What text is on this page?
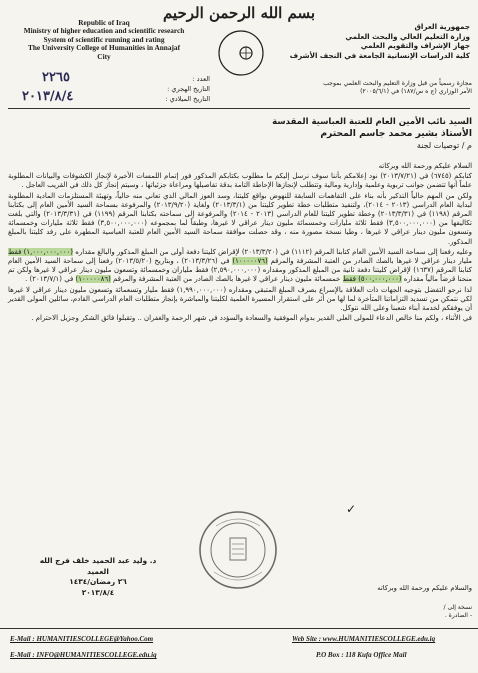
بسم الله الرحمن الرحيم
Republic of Iraq
Ministry of higher education and scientific research
System of scientific running and rating
The University College of Humanities in Annajaf
City
جمهورية العراق
وزارة التعليم العالي والبحث العلمي
جهاز الإشراف والتقويم العلمي
كلية الدراسات الإنسانية الجامعة في النجف الأشرف
مجازة رسمياً من قبل وزارة التعليم والبحث العلمي بموجب
الأمر الوزاري (ج ه س/١٨٧) في (٢٠٠٥/٦/١)
العدد :
التاريخ الهجري :
التاريخ الميلادي :
٢٢٦٥
٢٠١٣/٨/٤
السيد نائب الأمين العام للعتبة العباسية المقدسة
الأستاذ بشير محمد جاسم المحترم
م / توصيات لجنة

السلام عليكم ورحمة الله وبركاته

كتابكم (٦٧٤٥) في (٢٠١٣/٧/٢١) نود إعلامكم بأننا سوف نرسل إليكم ما مطلوب بكتابكم المذكور فور إتمام اللمسات الأخيرة لإنجاز الكشوفات والبيانات المطلوبة علماً أنها تتضمن جوانب تربوية وعلمية وإدارية ومالية وتتطلب لإنجازها الإحاطة التامة بدقة تفاصيلها ومراعاة جزئياتها ، وسيتم إنجاز كل ذلك في القريب العاجل .

ولكن من المهم حالياً التذكير بأنه بناء على التفاهمات السابقة للنهوض بواقع كليتنا، وسد العوز المالي الذي تعاني منه حالياً، وتهيئة المستلزمات المادية المطلوبة لبداية العام الدراسي (٢٠١٣ - ٢٠١٤)، ولتنفيذ متطلبات خطة تطوير كليتنا من (٢٠١٣/٣/١) ولغاية (٢٠١٣/٩/٢٠) والمرفوعة بسماحة السيد الأمين العام إلى بكتابنا المرقم (١١٩٨) في (٢٠١٣/٣/٣١) وخطة تطوير كليتنا للعام الدراسي (٢٠١٣ - ٢٠١٤) والمرفوعة إلى سماحته بكتابنا المرقم (١١٩٩) في (٢٠١٣/٣/٣١) والتي بلغت تكاليفها من (٣,٥٠٠,٠٠٠,٠٠٠) فقط ثلاثة مليارات وخمسمائة مليون دينار عراقي لا غيرها، وطبقاً لما بمجموعه (٣,٥٠٠,٠٠٠,٠٠٠) فقط ثلاثة مليارات وخمسمائة وتسعون مليون دينار عراقي لا غيرها ، وطيا نسخة مصورة منه ، وقد حصلت موافقة سماحة السيد الأمين العام للعتبة العباسية المطهرة على رفد كليتنا بالمبلغ المذكور.

وعليه رفعنا إلى سماحة السيد الأمين العام كتابنا المرقم (١١١٢) في (٢٠١٣/٣/٢٠) لإقراض كليتنا دفعة أولى من المبلغ المذكور والبالغ مقداره (١,٠٠٠,٠٠٠,٠٠٠) فقط مليار دينار عراقي لا غيرها بالصك الصادر من العتبة المشرفة والمرقم (١٠٠٠٠٠٧٦) في (٢٠١٣/٣/٢٦) ، وبتاريخ (٢٠١٣/٥/٢٠) رفعنا إلى سماحة السيد الأمين العام كتابنا المرقم (١٦٣٧) لإقراض كليتنا دفعة ثانية من المبلغ المذكور ومقداره (٢,٥٩٠,٠٠٠,٠٠٠) فقط ملياران وخمسمائة وتسعون مليون دينار عراقي لا غيرها ولكن تم منحنا قرضاً مالياً مقداره (٥٠٠,٠٠٠,٠٠٠) فقط خمسمائة مليون دينار عراقي لا غيرها بالصك الصادر من العتبة المشرفة والمرقم (١٠٠٠٠٠٨٦) في (٢٠١٣/٧/١) .

لذا نرجو التفضل بتوجيه الجهات ذات العلاقة بالإسراع بصرف المبلغ المتبقي ومقداره (١,٩٩٠,٠٠٠,٠٠٠) فقط مليار وتسعمائة وتسعون مليون دينار عراقي لا غيرها لكي نتمكن من تسديد التزاماتنا المتأخرة لما لها من أثر على استقرار المسيرة العلمية لكليتنا والمباشرة بإنجاز متطلبات العام الدراسي القادم، سائلين المولى القدير أن يوفقكم لخدمة أبناء شعبنا وعلى الله نتوكل.

في الأثناء ، ولكم منا خالص الدعاء للمولى العلي القدير بدوام الموفقية والسعادة والسؤدد في شهر الرحمة والغفران .. وتقبلوا فائق الشكر وجزيل الاحترام .

✓
د. وليد عبد الحميد خلف فرج الله
العميد
٢٦ رمضان/١٤٣٤
٢٠١٣/٨/٤	والسلام عليكم ورحمة الله وبركاته
نسخة إلى /
- الصادرة .
E-Mail : HUMANITIESCOLLEGE@Yahoo.Com
E-Mail : INFO@HUMANITIESCOLLEGE.edu.iq
Web Site : www.HUMANITIESCOLLEGE.edu.iq
P.O Box : 118 Kufa Office Mail
